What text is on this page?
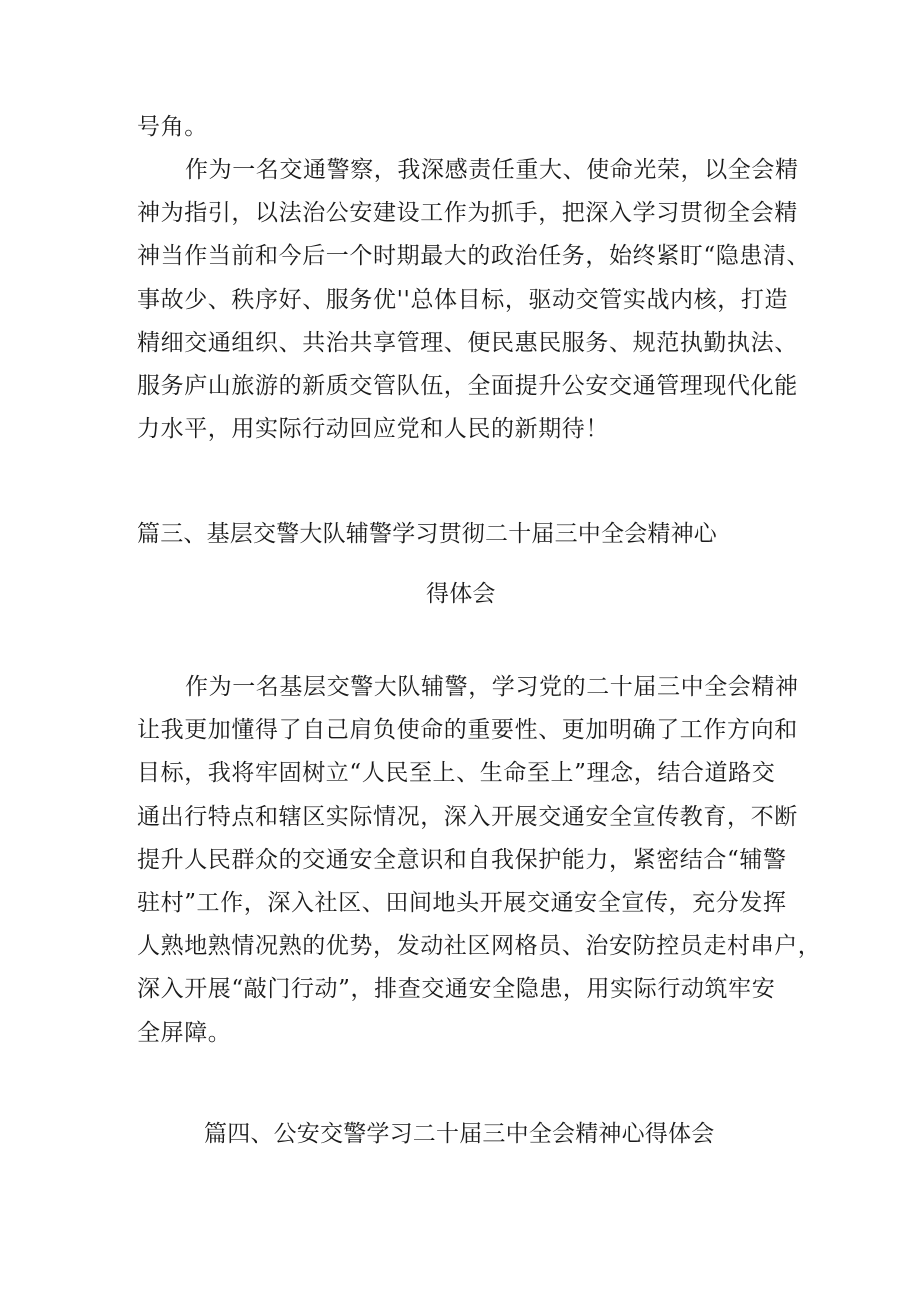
号角。
作为一名交通警察，我深感责任重大、使命光荣，以全会精
神为指引，以法治公安建设工作为抓手，把深入学习贯彻全会精
神当作当前和今后一个时期最大的政治任务，始终紧盯“隐患清、
事故少、秩序好、服务优''总体目标，驱动交管实战内核，打造
精细交通组织、共治共享管理、便民惠民服务、规范执勤执法、
服务庐山旅游的新质交管队伍，全面提升公安交通管理现代化能
力水平，用实际行动回应党和人民的新期待！
篇三、基层交警大队辅警学习贯彻二十届三中全会精神心
得体会
作为一名基层交警大队辅警，学习党的二十届三中全会精神
让我更加懂得了自己肩负使命的重要性、更加明确了工作方向和
目标，我将牢固树立“人民至上、生命至上”理念，结合道路交
通出行特点和辖区实际情况，深入开展交通安全宣传教育，不断
提升人民群众的交通安全意识和自我保护能力，紧密结合“辅警
驻村”工作，深入社区、田间地头开展交通安全宣传，充分发挥
人熟地熟情况熟的优势，发动社区网格员、治安防控员走村串户，
深入开展“敲门行动”，排查交通安全隐患，用实际行动筑牢安
全屏障。
篇四、公安交警学习二十届三中全会精神心得体会
